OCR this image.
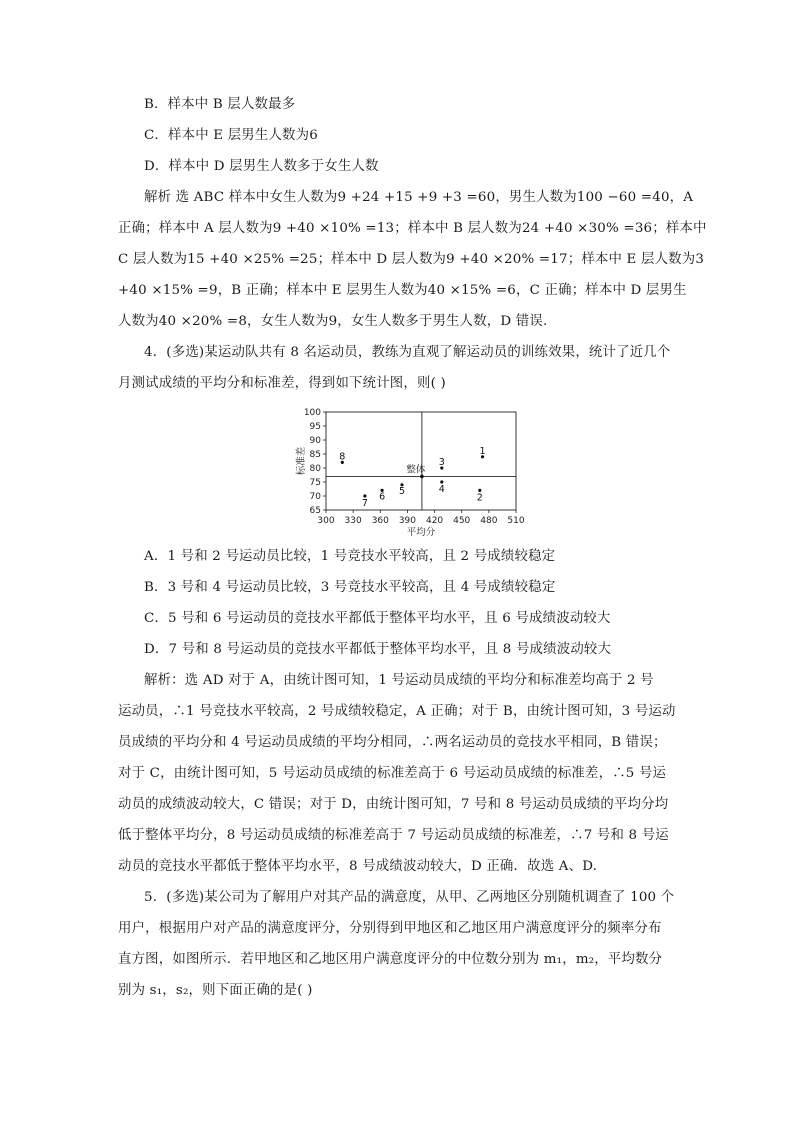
B．样本中 B 层人数最多
C．样本中 E 层男生人数为6
D．样本中 D 层男生人数多于女生人数
解析 选 ABC 样本中女生人数为9 +24 +15 +9 +3 =60，男生人数为100 −60 =40，A
正确；样本中 A 层人数为9 +40 ×10% =13；样本中 B 层人数为24 +40 ×30% =36；样本中
C 层人数为15 +40 ×25% =25；样本中 D 层人数为9 +40 ×20% =17；样本中 E 层人数为3
+40 ×15% =9，B 正确；样本中 E 层男生人数为40 ×15% =6，C 正确；样本中 D 层男生
人数为40 ×20% =8，女生人数为9，女生人数多于男生人数，D 错误.
4．(多选)某运动队共有 8 名运动员，教练为直观了解运动员的训练效果，统计了近几个
月测试成绩的平均分和标准差，得到如下统计图，则( )
300 330 360 390 420 450 480 510
65
70
75
80
85
90
95
100
平均分
标准差	1
2
3
4
5
6
7
8
整体
A．1 号和 2 号运动员比较，1 号竞技水平较高，且 2 号成绩较稳定
B．3 号和 4 号运动员比较，3 号竞技水平较高，且 4 号成绩较稳定
C．5 号和 6 号运动员的竞技水平都低于整体平均水平，且 6 号成绩波动较大
D．7 号和 8 号运动员的竞技水平都低于整体平均水平，且 8 号成绩波动较大
解析：选 AD 对于 A，由统计图可知，1 号运动员成绩的平均分和标准差均高于 2 号
运动员，∴1 号竞技水平较高，2 号成绩较稳定，A 正确；对于 B，由统计图可知，3 号运动
员成绩的平均分和 4 号运动员成绩的平均分相同，∴两名运动员的竞技水平相同，B 错误；
对于 C，由统计图可知，5 号运动员成绩的标准差高于 6 号运动员成绩的标准差，∴5 号运
动员的成绩波动较大，C 错误；对于 D，由统计图可知，7 号和 8 号运动员成绩的平均分均
低于整体平均分，8 号运动员成绩的标准差高于 7 号运动员成绩的标准差，∴7 号和 8 号运
动员的竞技水平都低于整体平均水平，8 号成绩波动较大，D 正确．故选 A、D.
5．(多选)某公司为了解用户对其产品的满意度，从甲、乙两地区分别随机调查了 100 个
用户，根据用户对产品的满意度评分，分别得到甲地区和乙地区用户满意度评分的频率分布
直方图，如图所示．若甲地区和乙地区用户满意度评分的中位数分别为 m₁，m₂，平均数分
别为 s₁，s₂，则下面正确的是( )
